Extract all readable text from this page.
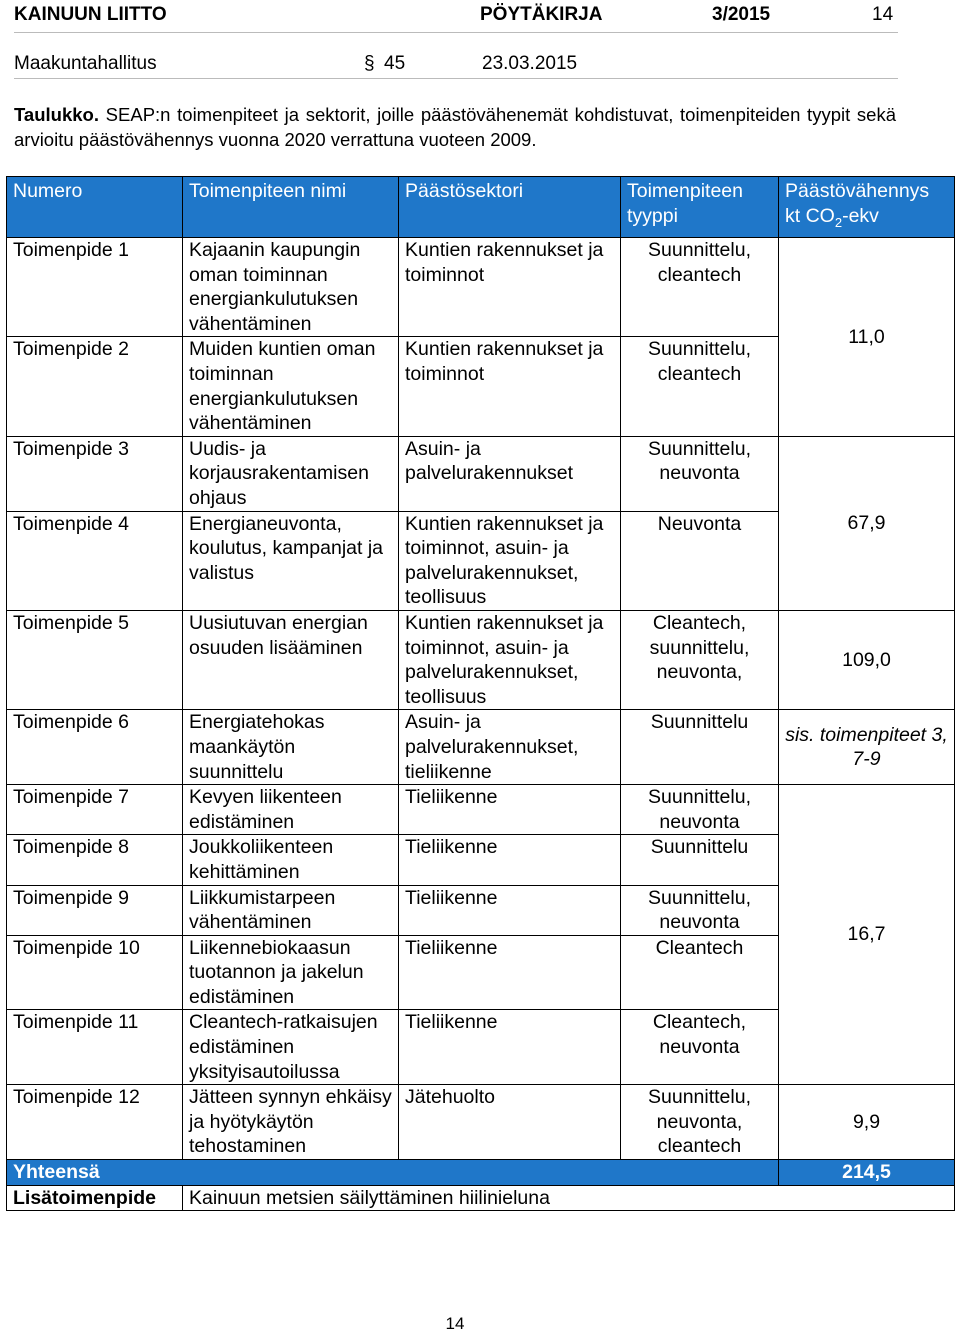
KAINUUN LIITTO	PÖYTÄKIRJA	3/2015	14
Maakuntahallitus	§ 45	23.03.2015
Taulukko. SEAP:n toimenpiteet ja sektorit, joille päästövähenemät kohdistuvat, toimenpiteiden tyypit sekä arvioitu päästövähennys vuonna 2020 verrattuna vuoteen 2009.
Numero	Toimenpiteen nimi	Päästösektori	Toimenpiteen tyyppi	Päästövähennys kt $CO_2$-ekv
Toimenpide 1	Kajaanin kaupungin oman toiminnan energiankulutuksen vähentäminen	Kuntien rakennukset ja toiminnot	Suunnittelu, cleantech	11,0
Toimenpide 2	Muiden kuntien oman toiminnan energiankulutuksen vähentäminen	Kuntien rakennukset ja toiminnot	Suunnittelu, cleantech	
Toimenpide 3	Uudis- ja korjausrakentamisen ohjaus	Asuin- ja palvelurakennukset	Suunnittelu, neuvonta	67,9
Toimenpide 4	Energianeuvonta, koulutus, kampanjat ja valistus	Kuntien rakennukset ja toiminnot, asuin- ja palvelurakennukset, teollisuus	Neuvonta	
Toimenpide 5	Uusiutuvan energian osuuden lisääminen	Kuntien rakennukset ja toiminnot, asuin- ja palvelurakennukset, teollisuus	Cleantech, suunnittelu, neuvonta,	109,0
Toimenpide 6	Energiatehokas maankäytön suunnittelu	Asuin- ja palvelurakennukset, tieliikenne	Suunnittelu	sis. toimenpiteet 3, 7-9
Toimenpide 7	Kevyen liikenteen edistäminen	Tieliikenne	Suunnittelu, neuvonta	16,7
Toimenpide 8	Joukkoliikenteen kehittäminen	Tieliikenne	Suunnittelu	
Toimenpide 9	Liikkumistarpeen vähentäminen	Tieliikenne	Suunnittelu, neuvonta	
Toimenpide 10	Liikennebiokaasun tuotannon ja jakelun edistäminen	Tieliikenne	Cleantech	
Toimenpide 11	Cleantech-ratkaisujen edistäminen yksityisautoilussa	Tieliikenne	Cleantech, neuvonta	
Toimenpide 12	Jätteen synnyn ehkäisy ja hyötykäytön tehostaminen	Jätehuolto	Suunnittelu, neuvonta, cleantech	9,9
Yhteensä				214,5
Lisätoimenpide	Kainuun metsien säilyttäminen hiilinieluna			
14
